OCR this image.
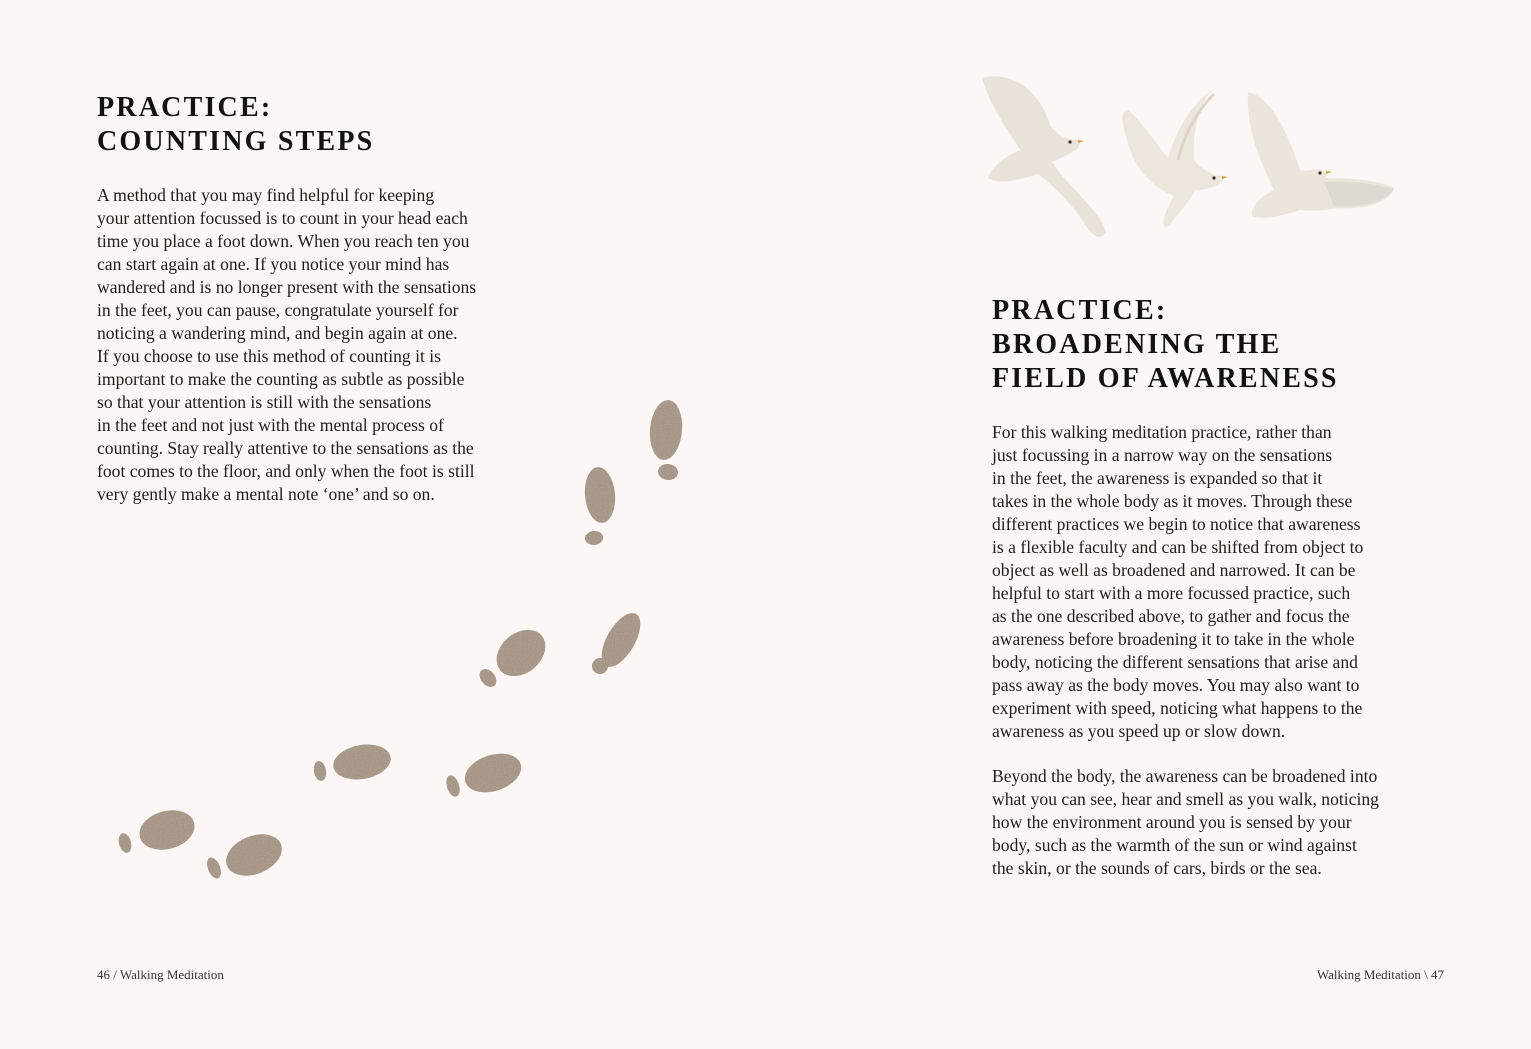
PRACTICE:
COUNTING STEPS
A method that you may find helpful for keeping
your attention focussed is to count in your head each
time you place a foot down. When you reach ten you
can start again at one. If you notice your mind has
wandered and is no longer present with the sensations
in the feet, you can pause, congratulate yourself for
noticing a wandering mind, and begin again at one.
If you choose to use this method of counting it is
important to make the counting as subtle as possible
so that your attention is still with the sensations
in the feet and not just with the mental process of
counting. Stay really attentive to the sensations as the
foot comes to the floor, and only when the foot is still
very gently make a mental note ‘one’ and so on.
46 / Walking Meditation
PRACTICE:
BROADENING THE
FIELD OF AWARENESS
For this walking meditation practice, rather than
just focussing in a narrow way on the sensations
in the feet, the awareness is expanded so that it
takes in the whole body as it moves. Through these
different practices we begin to notice that awareness
is a flexible faculty and can be shifted from object to
object as well as broadened and narrowed. It can be
helpful to start with a more focussed practice, such
as the one described above, to gather and focus the
awareness before broadening it to take in the whole
body, noticing the different sensations that arise and
pass away as the body moves. You may also want to
experiment with speed, noticing what happens to the
awareness as you speed up or slow down.
Beyond the body, the awareness can be broadened into
what you can see, hear and smell as you walk, noticing
how the environment around you is sensed by your
body, such as the warmth of the sun or wind against
the skin, or the sounds of cars, birds or the sea.
Walking Meditation \ 47
